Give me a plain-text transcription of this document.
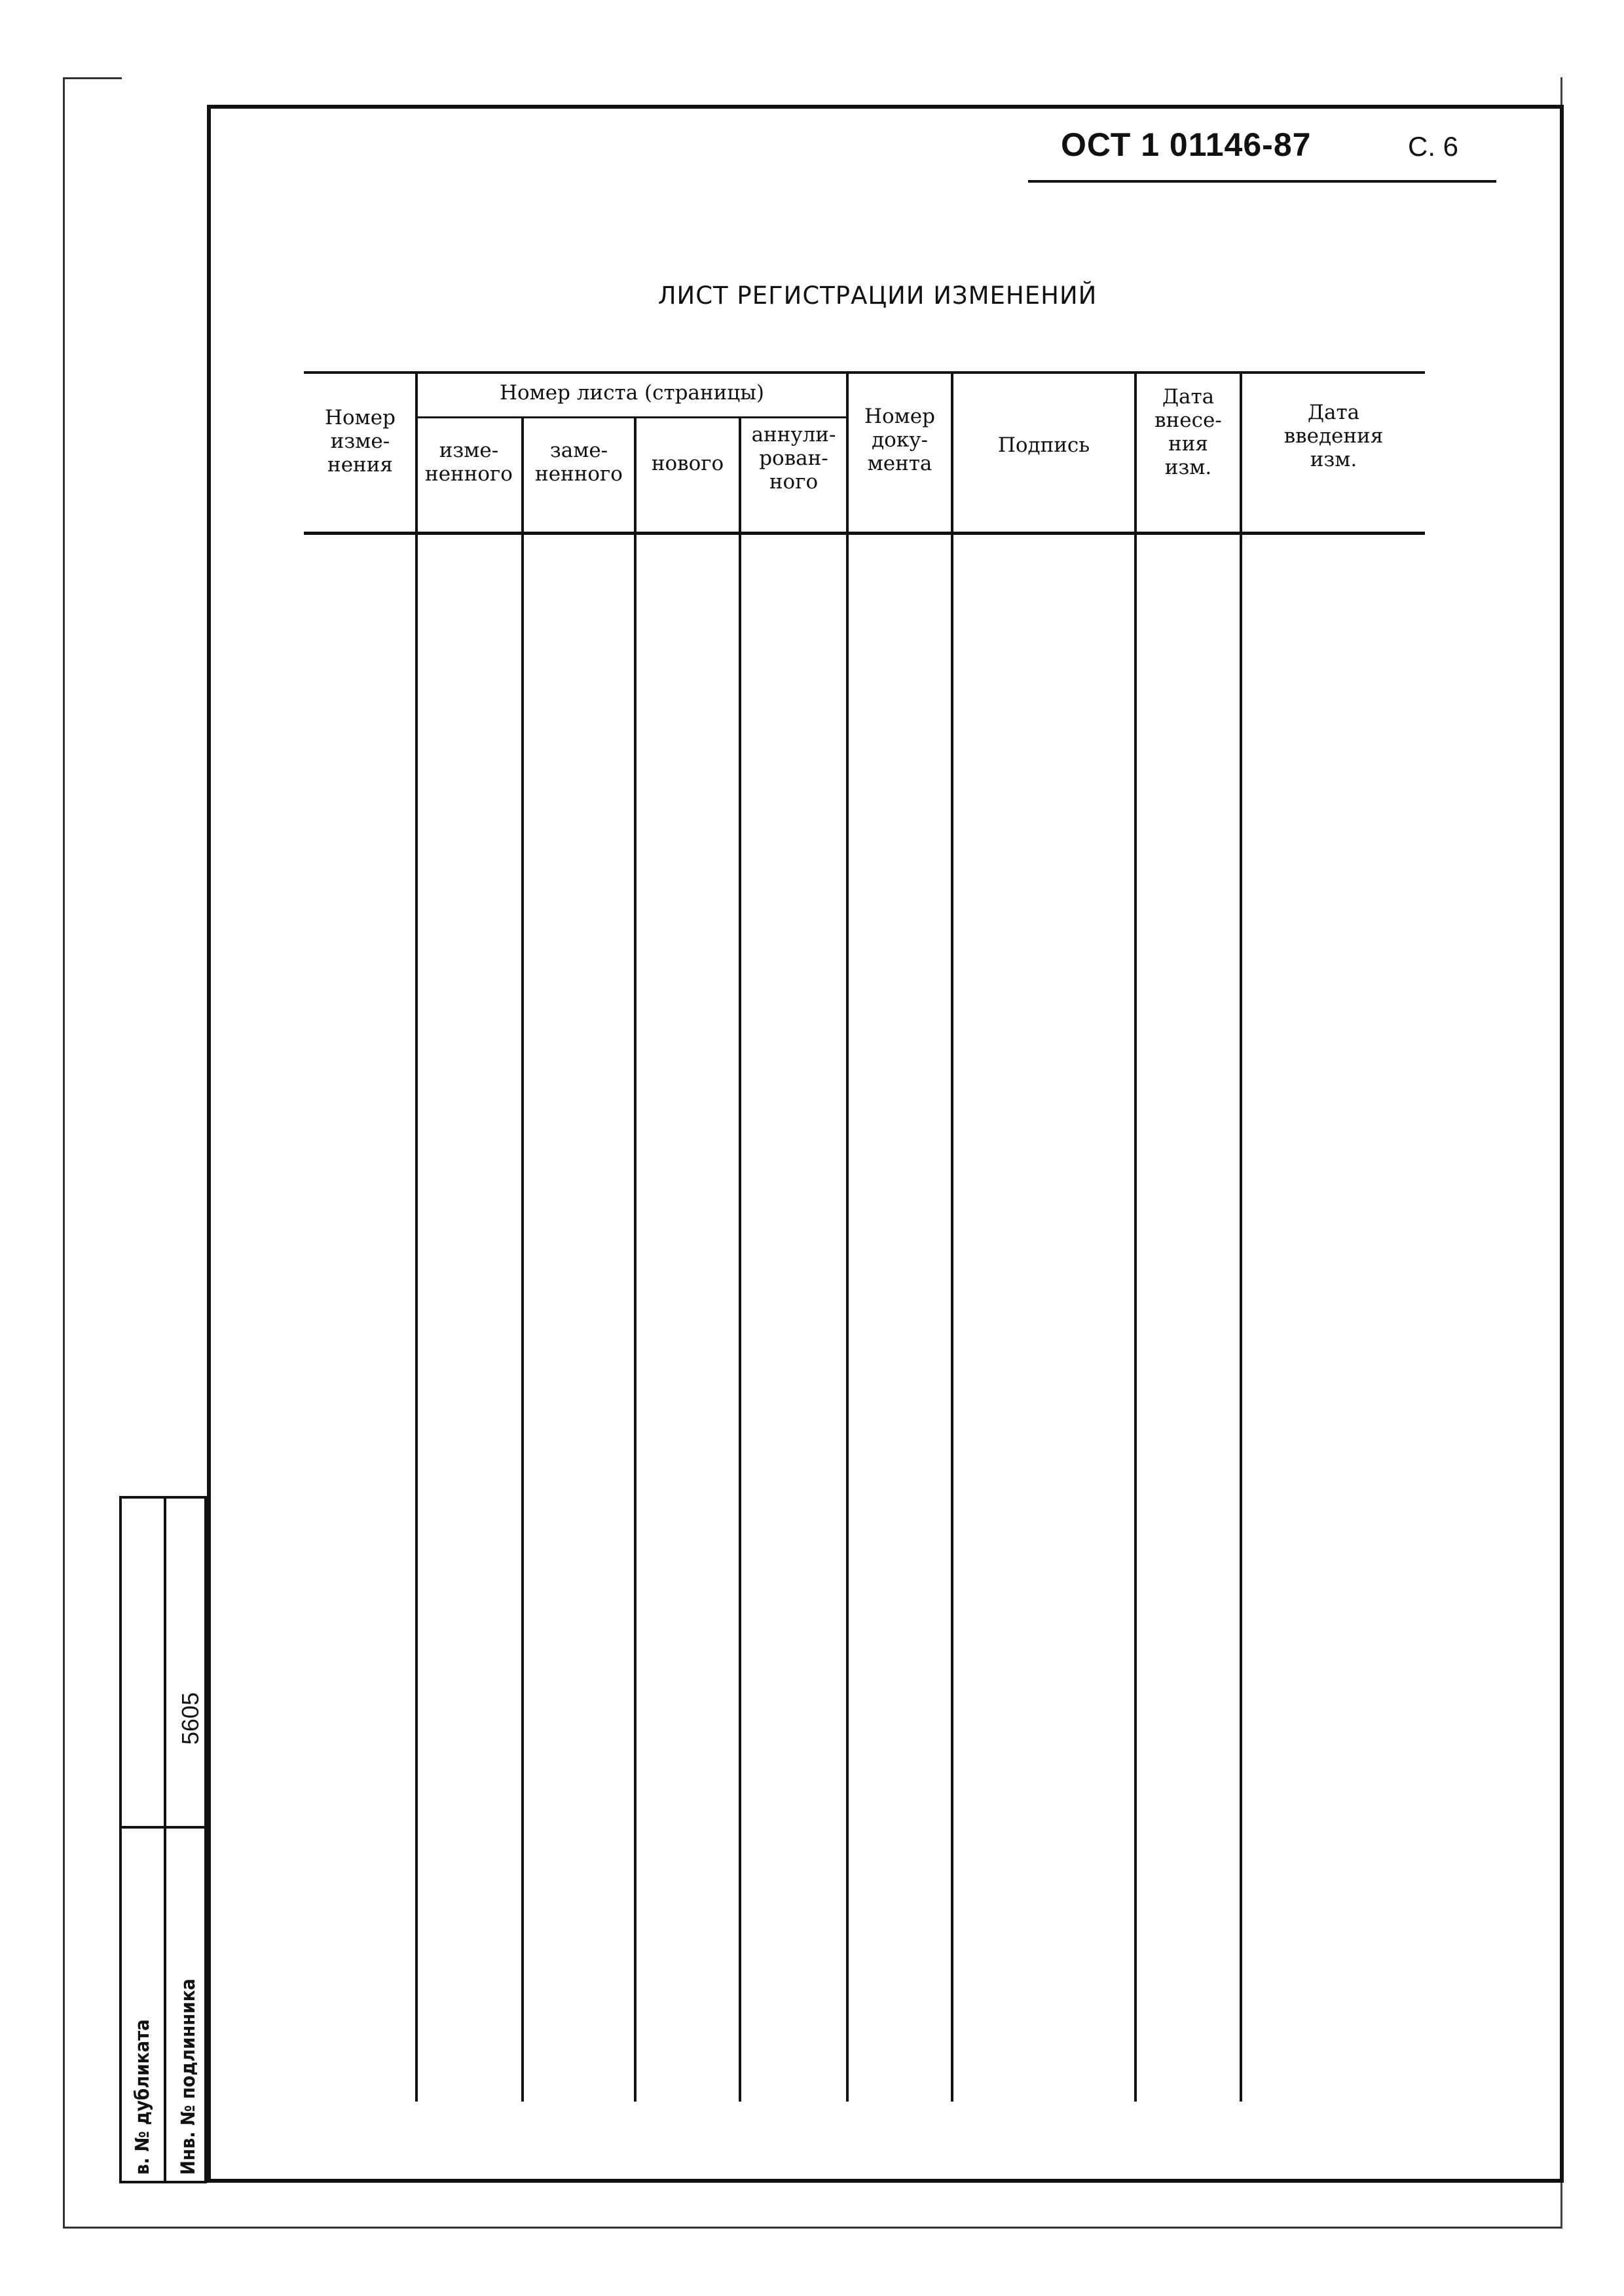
ОСТ 1 01146-87	С. 6
ЛИСТ РЕГИСТРАЦИИ ИЗМЕНЕНИЙ
Номер
изме-
нения
Номер листа (страницы)
изме-
ненного
заме-
ненного	нового
аннули-
рован-
ного
Номер
доку-
мента
Подпись
Дата
внесе-
ния
изм.
Дата
введения
изм.
в. № дубликата Инв. № подлинника
5605
